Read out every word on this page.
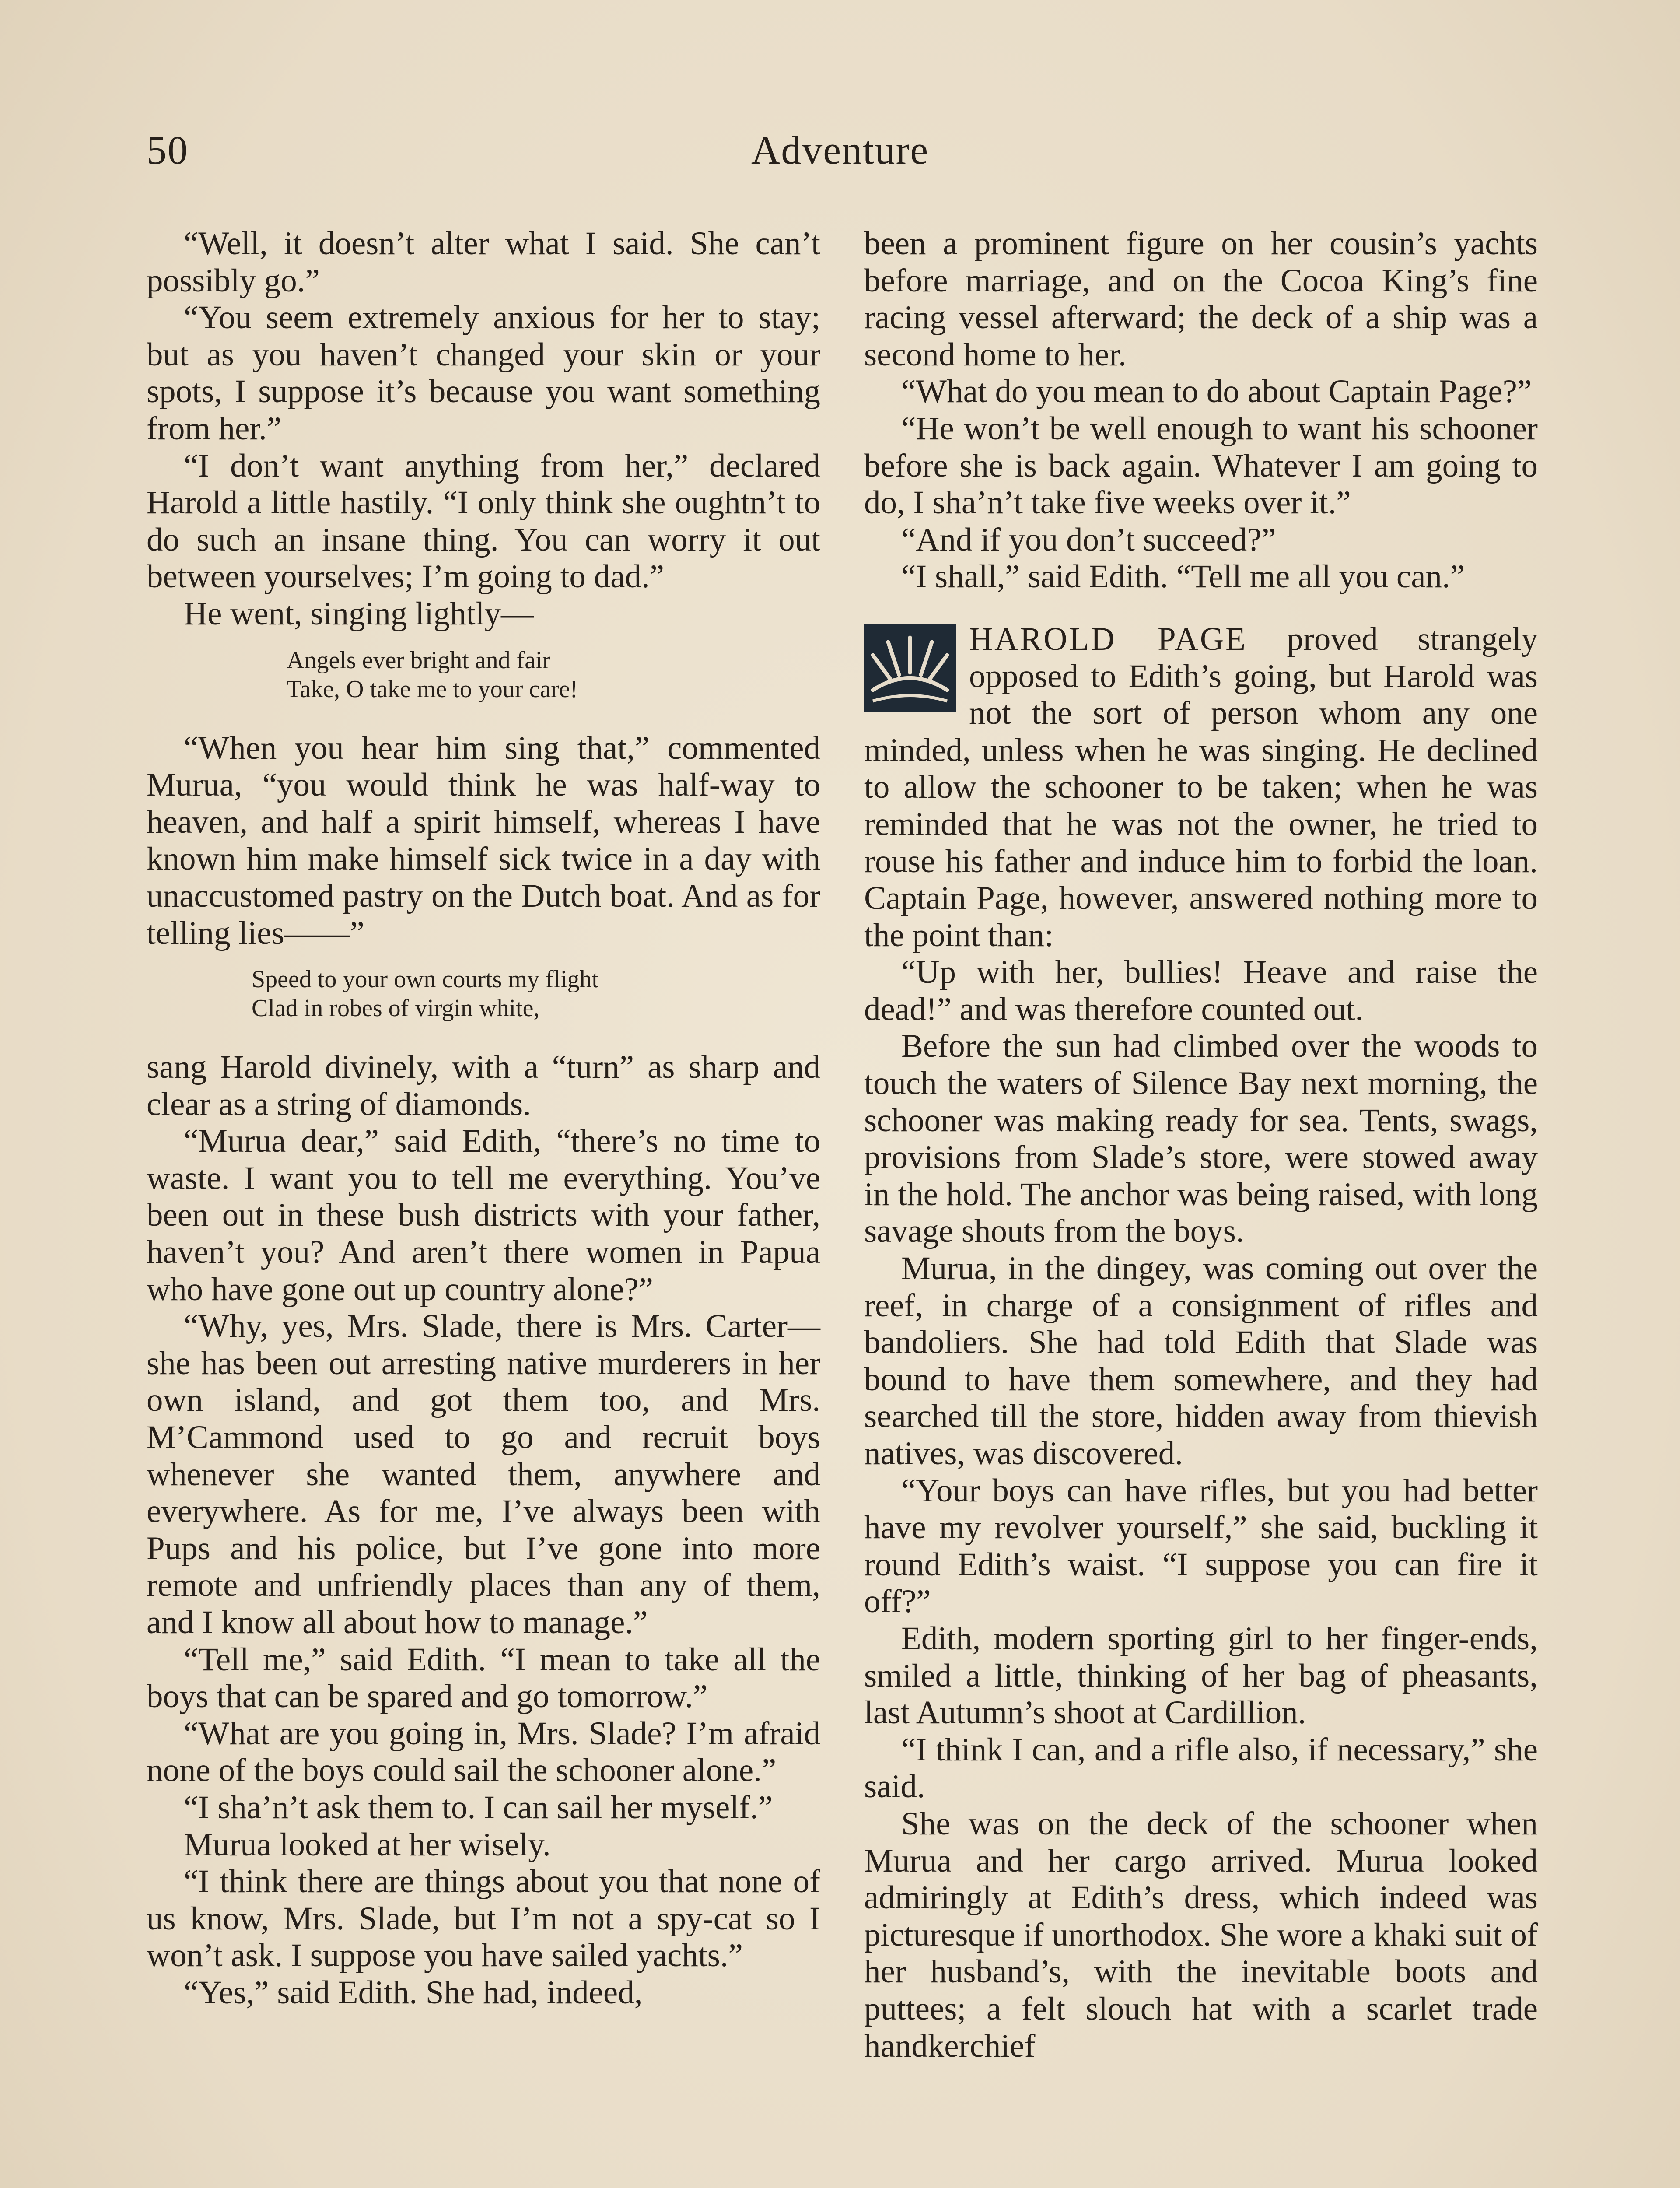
Adventure
50

“Well, it doesn’t alter what I said. She can’t possibly go.”

“You seem extremely anxious for her to stay; but as you haven’t changed your skin or your spots, I suppose it’s because you want something from her.”

“I don’t want anything from her,” declared Harold a little hastily. “I only think she oughtn’t to do such an insane thing. You can worry it out between yourselves; I’m going to dad.”

He went, singing lightly—

Angels ever bright and fair
Take, O take me to your care!

“When you hear him sing that,” commented Murua, “you would think he was half-way to heaven, and half a spirit himself, whereas I have known him make himself sick twice in a day with unaccustomed pastry on the Dutch boat. And as for telling lies——”

Speed to your own courts my flight
Clad in robes of virgin white,

sang Harold divinely, with a “turn” as sharp and clear as a string of diamonds.

“Murua dear,” said Edith, “there’s no time to waste. I want you to tell me everything. You’ve been out in these bush districts with your father, haven’t you? And aren’t there women in Papua who have gone out up country alone?”

“Why, yes, Mrs. Slade, there is Mrs. Carter—she has been out arresting native murderers in her own island, and got them too, and Mrs. M’Cammond used to go and recruit boys whenever she wanted them, anywhere and everywhere. As for me, I’ve always been with Pups and his police, but I’ve gone into more remote and unfriendly places than any of them, and I know all about how to manage.”

“Tell me,” said Edith. “I mean to take all the boys that can be spared and go tomorrow.”

“What are you going in, Mrs. Slade? I’m afraid none of the boys could sail the schooner alone.”

“I sha’n’t ask them to. I can sail her myself.”

Murua looked at her wisely.

“I think there are things about you that none of us know, Mrs. Slade, but I’m not a spy-cat so I won’t ask. I suppose you have sailed yachts.”

“Yes,” said Edith. She had, indeed,

been a prominent figure on her cousin’s yachts before marriage, and on the Cocoa King’s fine racing vessel afterward; the deck of a ship was a second home to her.

“What do you mean to do about Captain Page?”

“He won’t be well enough to want his schooner before she is back again. Whatever I am going to do, I sha’n’t take five weeks over it.”

“And if you don’t succeed?”

“I shall,” said Edith. “Tell me all you can.”

HAROLD PAGE proved strangely opposed to Edith’s going, but Harold was not the sort of person whom any one minded, unless when he was singing. He declined to allow the schooner to be taken; when he was reminded that he was not the owner, he tried to rouse his father and induce him to forbid the loan. Captain Page, however, answered nothing more to the point than:

“Up with her, bullies! Heave and raise the dead!” and was therefore counted out.

Before the sun had climbed over the woods to touch the waters of Silence Bay next morning, the schooner was making ready for sea. Tents, swags, provisions from Slade’s store, were stowed away in the hold. The anchor was being raised, with long savage shouts from the boys.

Murua, in the dingey, was coming out over the reef, in charge of a consignment of rifles and bandoliers. She had told Edith that Slade was bound to have them somewhere, and they had searched till the store, hidden away from thievish natives, was discovered.

“Your boys can have rifles, but you had better have my revolver yourself,” she said, buckling it round Edith’s waist. “I suppose you can fire it off?”

Edith, modern sporting girl to her finger-ends, smiled a little, thinking of her bag of pheasants, last Autumn’s shoot at Cardillion.

“I think I can, and a rifle also, if necessary,” she said.

She was on the deck of the schooner when Murua and her cargo arrived. Murua looked admiringly at Edith’s dress, which indeed was picturesque if unorthodox. She wore a khaki suit of her husband’s, with the inevitable boots and puttees; a felt slouch hat with a scarlet trade handkerchief
